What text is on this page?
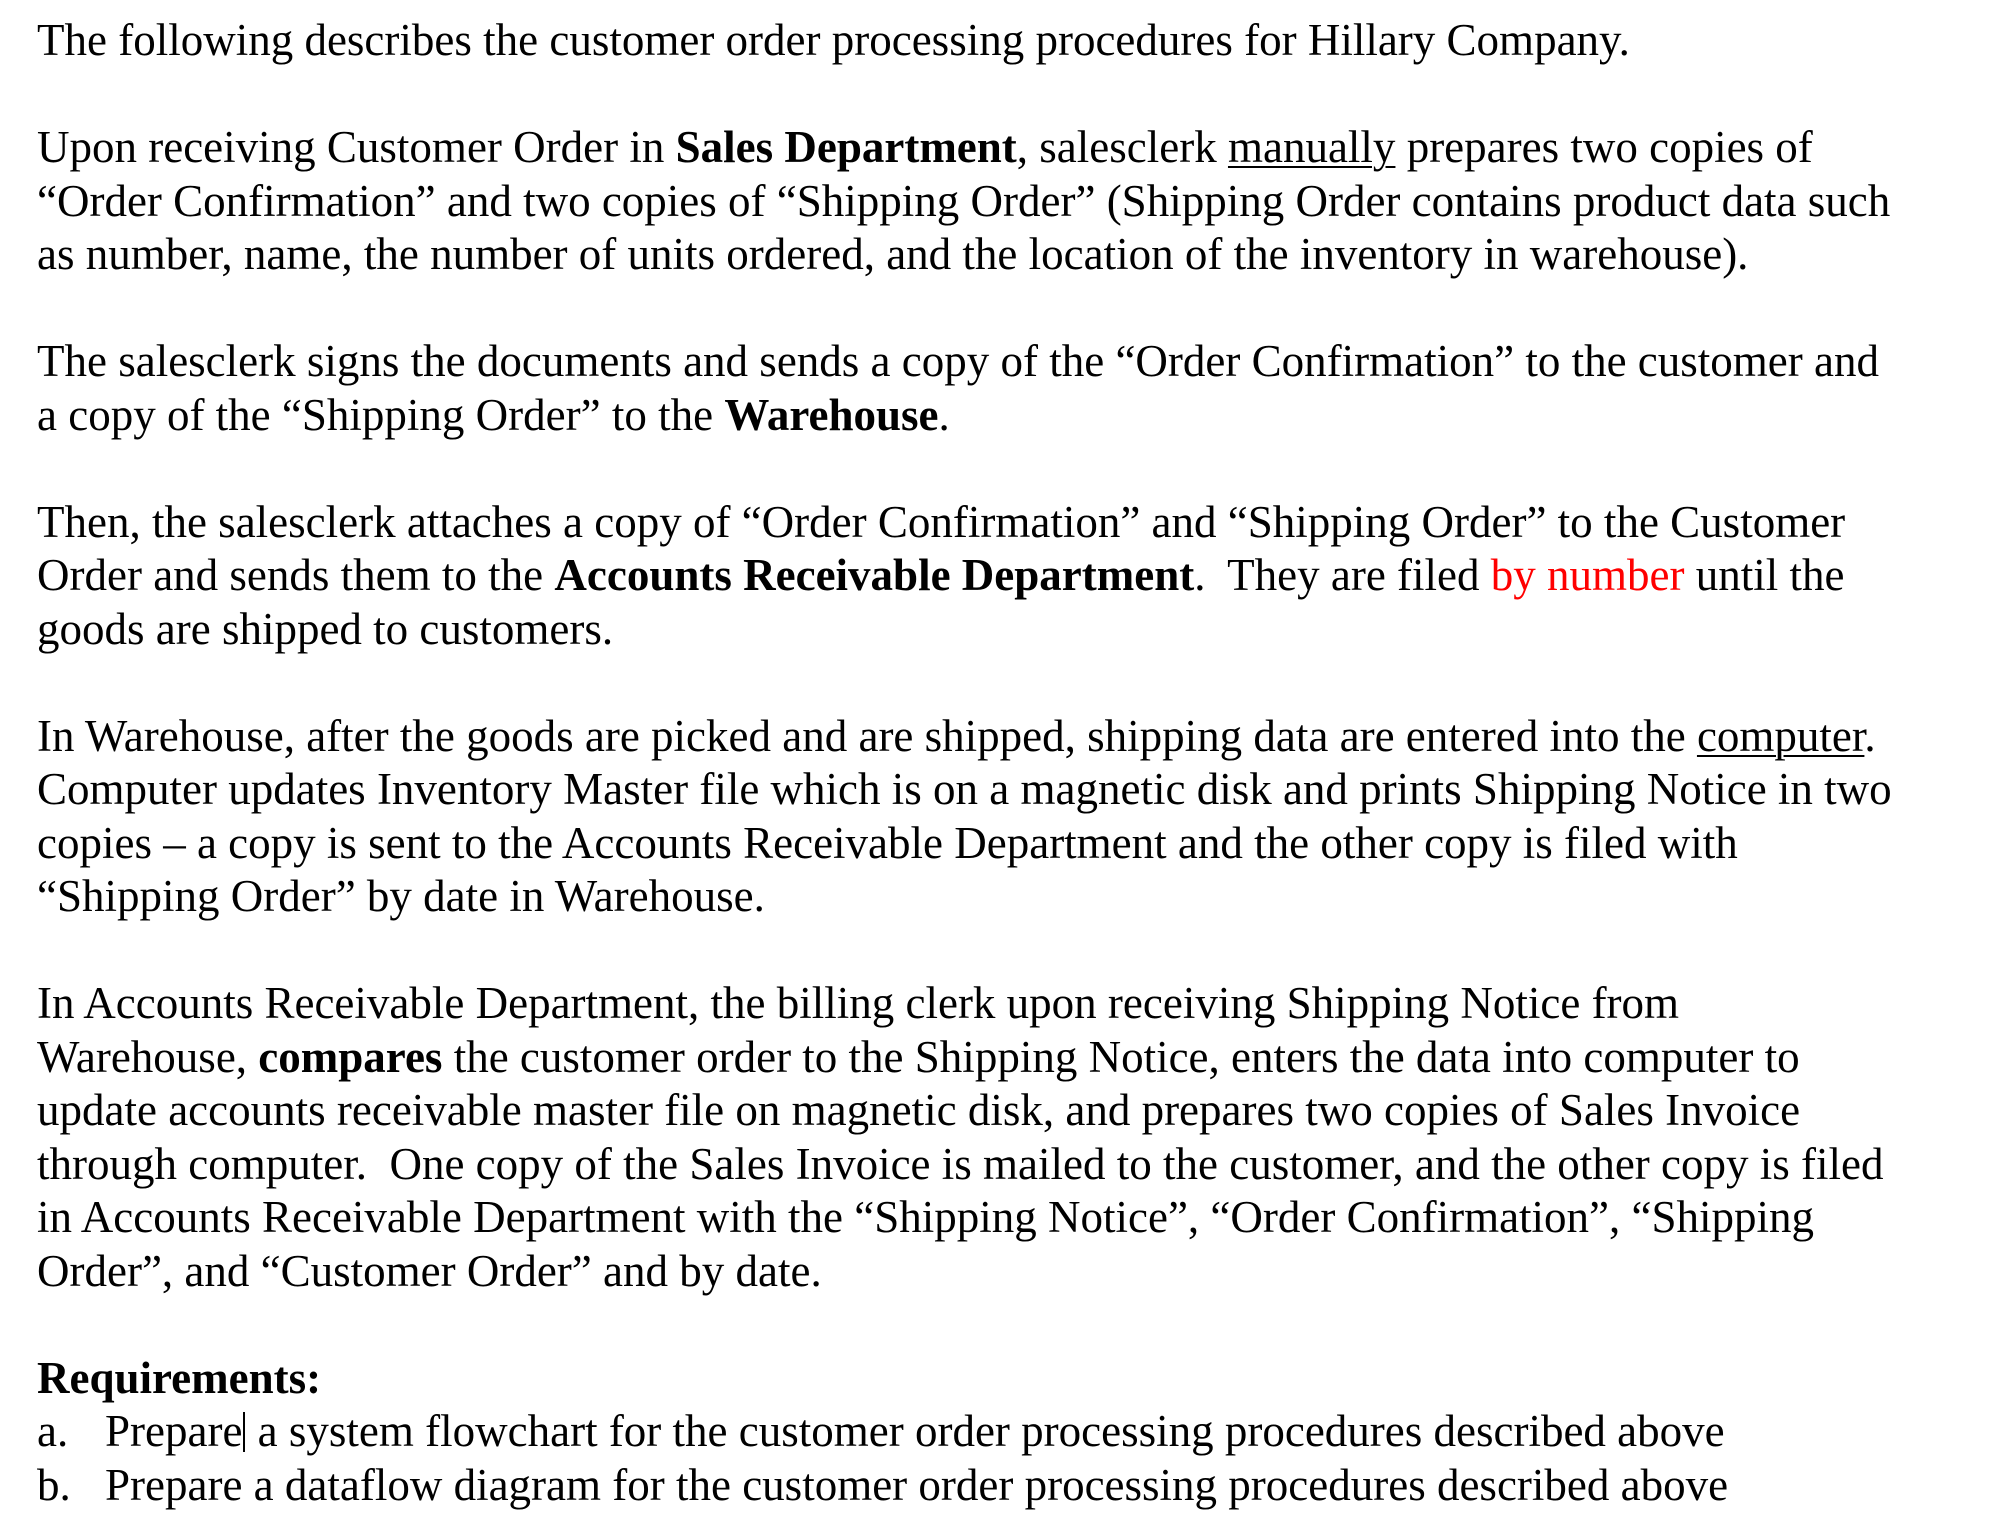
The following describes the customer order processing procedures for Hillary Company.
Upon receiving Customer Order in Sales Department, salesclerk manually prepares two copies of
“Order Confirmation” and two copies of “Shipping Order” (Shipping Order contains product data such
as number, name, the number of units ordered, and the location of the inventory in warehouse).
The salesclerk signs the documents and sends a copy of the “Order Confirmation” to the customer and
a copy of the “Shipping Order” to the Warehouse.
Then, the salesclerk attaches a copy of “Order Confirmation” and “Shipping Order” to the Customer
Order and sends them to the Accounts Receivable Department.  They are filed by number until the
goods are shipped to customers.
In Warehouse, after the goods are picked and are shipped, shipping data are entered into the computer.
Computer updates Inventory Master file which is on a magnetic disk and prints Shipping Notice in two
copies – a copy is sent to the Accounts Receivable Department and the other copy is filed with
“Shipping Order” by date in Warehouse.
In Accounts Receivable Department, the billing clerk upon receiving Shipping Notice from
Warehouse, compares the customer order to the Shipping Notice, enters the data into computer to
update accounts receivable master file on magnetic disk, and prepares two copies of Sales Invoice
through computer.  One copy of the Sales Invoice is mailed to the customer, and the other copy is filed
in Accounts Receivable Department with the “Shipping Notice”, “Order Confirmation”, “Shipping
Order”, and “Customer Order” and by date.
Requirements:
a. Prepare a system flowchart for the customer order processing procedures described above
b. Prepare a dataflow diagram for the customer order processing procedures described above
